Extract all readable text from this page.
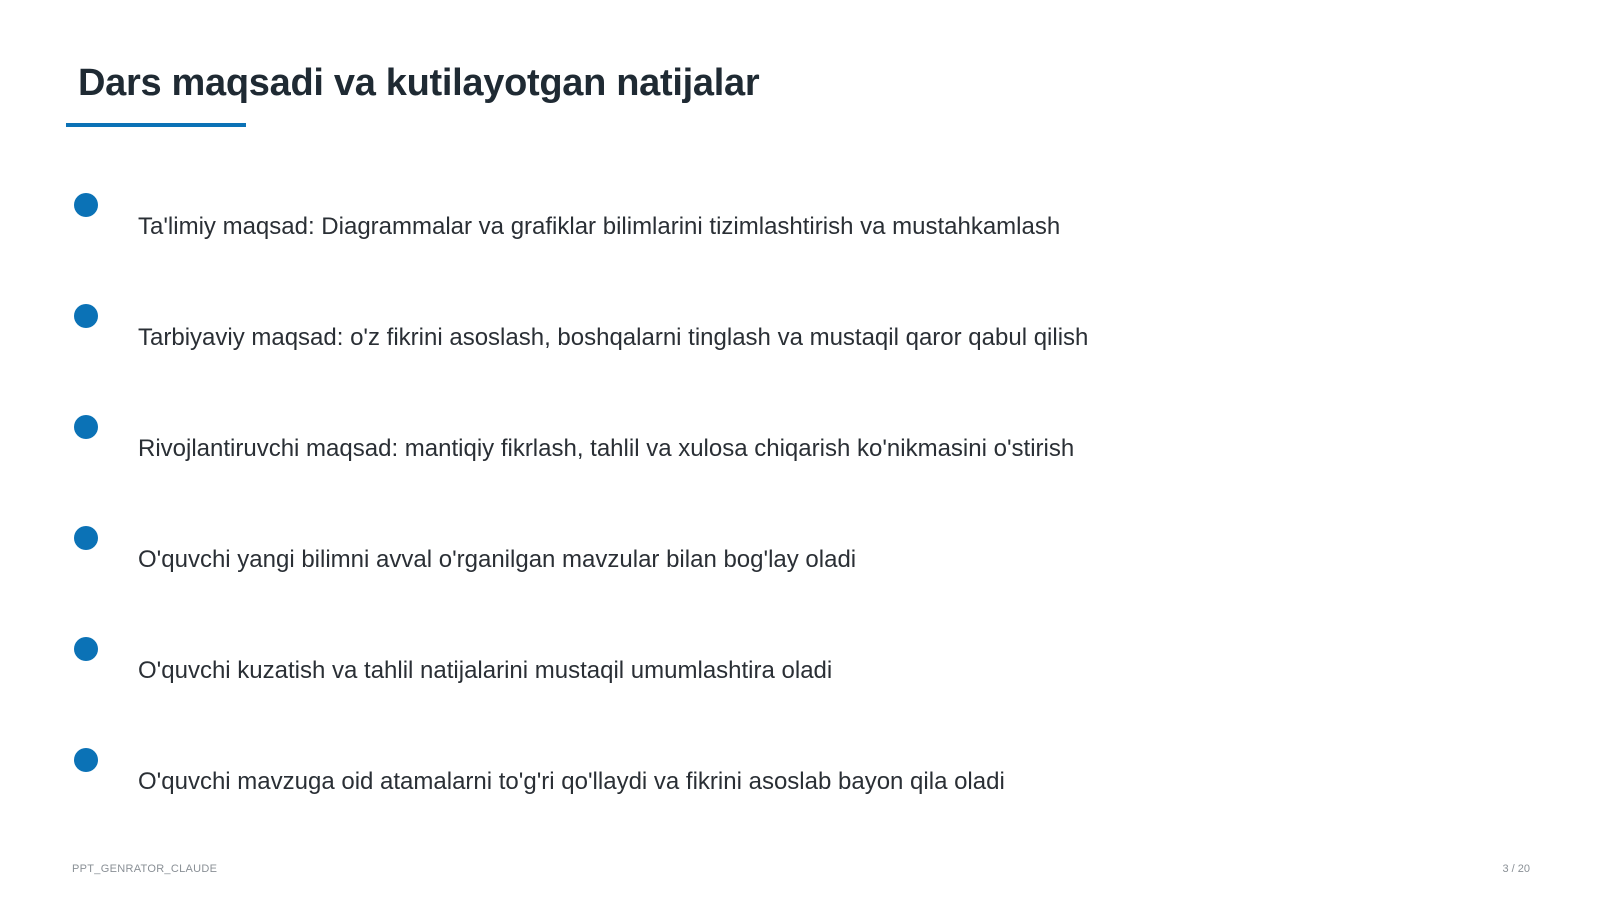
Dars maqsadi va kutilayotgan natijalar
Ta'limiy maqsad: Diagrammalar va grafiklar bilimlarini tizimlashtirish va mustahkamlash
Tarbiyaviy maqsad: o'z fikrini asoslash, boshqalarni tinglash va mustaqil qaror qabul qilish
Rivojlantiruvchi maqsad: mantiqiy fikrlash, tahlil va xulosa chiqarish ko'nikmasini o'stirish
O'quvchi yangi bilimni avval o'rganilgan mavzular bilan bog'lay oladi
O'quvchi kuzatish va tahlil natijalarini mustaqil umumlashtira oladi
O'quvchi mavzuga oid atamalarni to'g'ri qo'llaydi va fikrini asoslab bayon qila oladi
PPT_GENRATOR_CLAUDE	3 / 20
